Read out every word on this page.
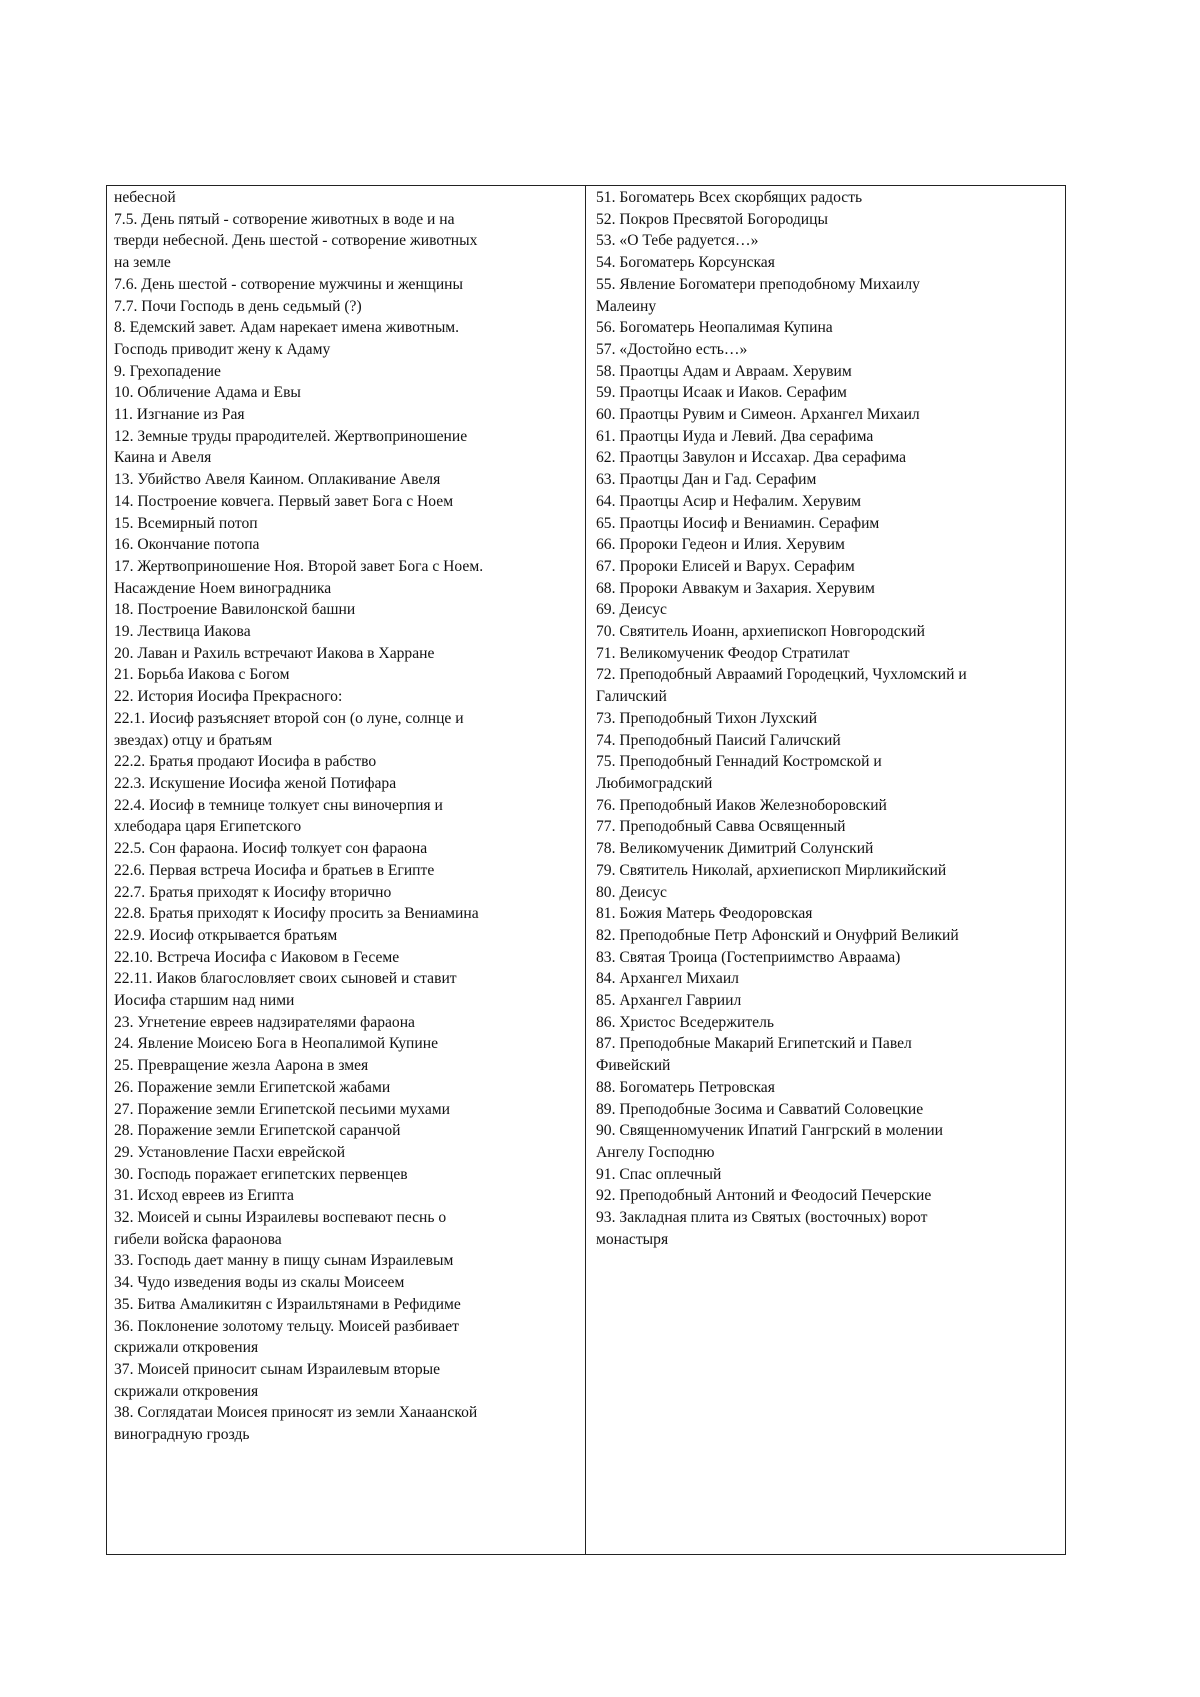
небесной
7.5. День пятый - сотворение животных в воде и на
тверди небесной. День шестой - сотворение животных
на земле
7.6. День шестой - сотворение мужчины и женщины
7.7. Почи Господь в день седьмый (?)
8. Едемский завет. Адам нарекает имена животным.
Господь приводит жену к Адаму
9. Грехопадение
10. Обличение Адама и Евы
11. Изгнание из Рая
12. Земные труды прародителей. Жертвоприношение
Каина и Авеля
13. Убийство Авеля Каином. Оплакивание Авеля
14. Построение ковчега. Первый завет Бога с Ноем
15. Всемирный потоп
16. Окончание потопа
17. Жертвоприношение Ноя. Второй завет Бога с Ноем.
Насаждение Ноем виноградника
18. Построение Вавилонской башни
19. Лествица Иакова
20. Лаван и Рахиль встречают Иакова в Харране
21. Борьба Иакова с Богом
22. История Иосифа Прекрасного:
22.1. Иосиф разъясняет второй сон (о луне, солнце и
звездах) отцу и братьям
22.2. Братья продают Иосифа в рабство
22.3. Искушение Иосифа женой Потифара
22.4. Иосиф в темнице толкует сны виночерпия и
хлебодара царя Египетского
22.5. Сон фараона. Иосиф толкует сон фараона
22.6. Первая встреча Иосифа и братьев в Египте
22.7. Братья приходят к Иосифу вторично
22.8. Братья приходят к Иосифу просить за Вениамина
22.9. Иосиф открывается братьям
22.10. Встреча Иосифа с Иаковом в Гесеме
22.11. Иаков благословляет своих сыновей и ставит
Иосифа старшим над ними
23. Угнетение евреев надзирателями фараона
24. Явление Моисею Бога в Неопалимой Купине
25. Превращение жезла Аарона в змея
26. Поражение земли Египетской жабами
27. Поражение земли Египетской песьими мухами
28. Поражение земли Египетской саранчой
29. Установление Пасхи еврейской
30. Господь поражает египетских первенцев
31. Исход евреев из Египта
32. Моисей и сыны Израилевы воспевают песнь о
гибели войска фараонова
33. Господь дает манну в пищу сынам Израилевым
34. Чудо изведения воды из скалы Моисеем
35. Битва Амаликитян с Израильтянами в Рефидиме
36. Поклонение золотому тельцу. Моисей разбивает
скрижали откровения
37. Моисей приносит сынам Израилевым вторые
скрижали откровения
38. Соглядатаи Моисея приносят из земли Ханаанской
виноградную гроздь
51. Богоматерь Всех скорбящих радость
52. Покров Пресвятой Богородицы
53. «О Тебе радуется…»
54. Богоматерь Корсунская
55. Явление Богоматери преподобному Михаилу
Малеину
56. Богоматерь Неопалимая Купина
57. «Достойно есть…»
58. Праотцы Адам и Авраам. Херувим
59. Праотцы Исаак и Иаков. Серафим
60. Праотцы Рувим и Симеон. Архангел Михаил
61. Праотцы Иуда и Левий. Два серафима
62. Праотцы Завулон и Иссахар. Два серафима
63. Праотцы Дан и Гад. Серафим
64. Праотцы Асир и Нефалим. Херувим
65. Праотцы Иосиф и Вениамин. Серафим
66. Пророки Гедеон и Илия. Херувим
67. Пророки Елисей и Варух. Серафим
68. Пророки Аввакум и Захария. Херувим
69. Деисус
70. Святитель Иоанн, архиепископ Новгородский
71. Великомученик Феодор Стратилат
72. Преподобный Авраамий Городецкий, Чухломский и
Галичский
73. Преподобный Тихон Лухский
74. Преподобный Паисий Галичский
75. Преподобный Геннадий Костромской и
Любимоградский
76. Преподобный Иаков Железноборовский
77. Преподобный Савва Освященный
78. Великомученик Димитрий Солунский
79. Святитель Николай, архиепископ Мирликийский
80. Деисус
81. Божия Матерь Феодоровская
82. Преподобные Петр Афонский и Онуфрий Великий
83. Святая Троица (Гостеприимство Авраама)
84. Архангел Михаил
85. Архангел Гавриил
86. Христос Вседержитель
87. Преподобные Макарий Египетский и Павел
Фивейский
88. Богоматерь Петровская
89. Преподобные Зосима и Савватий Соловецкие
90. Священномученик Ипатий Гангрский в молении
Ангелу Господню
91. Спас оплечный
92. Преподобный Антоний и Феодосий Печерские
93. Закладная плита из Святых (восточных) ворот
монастыря
